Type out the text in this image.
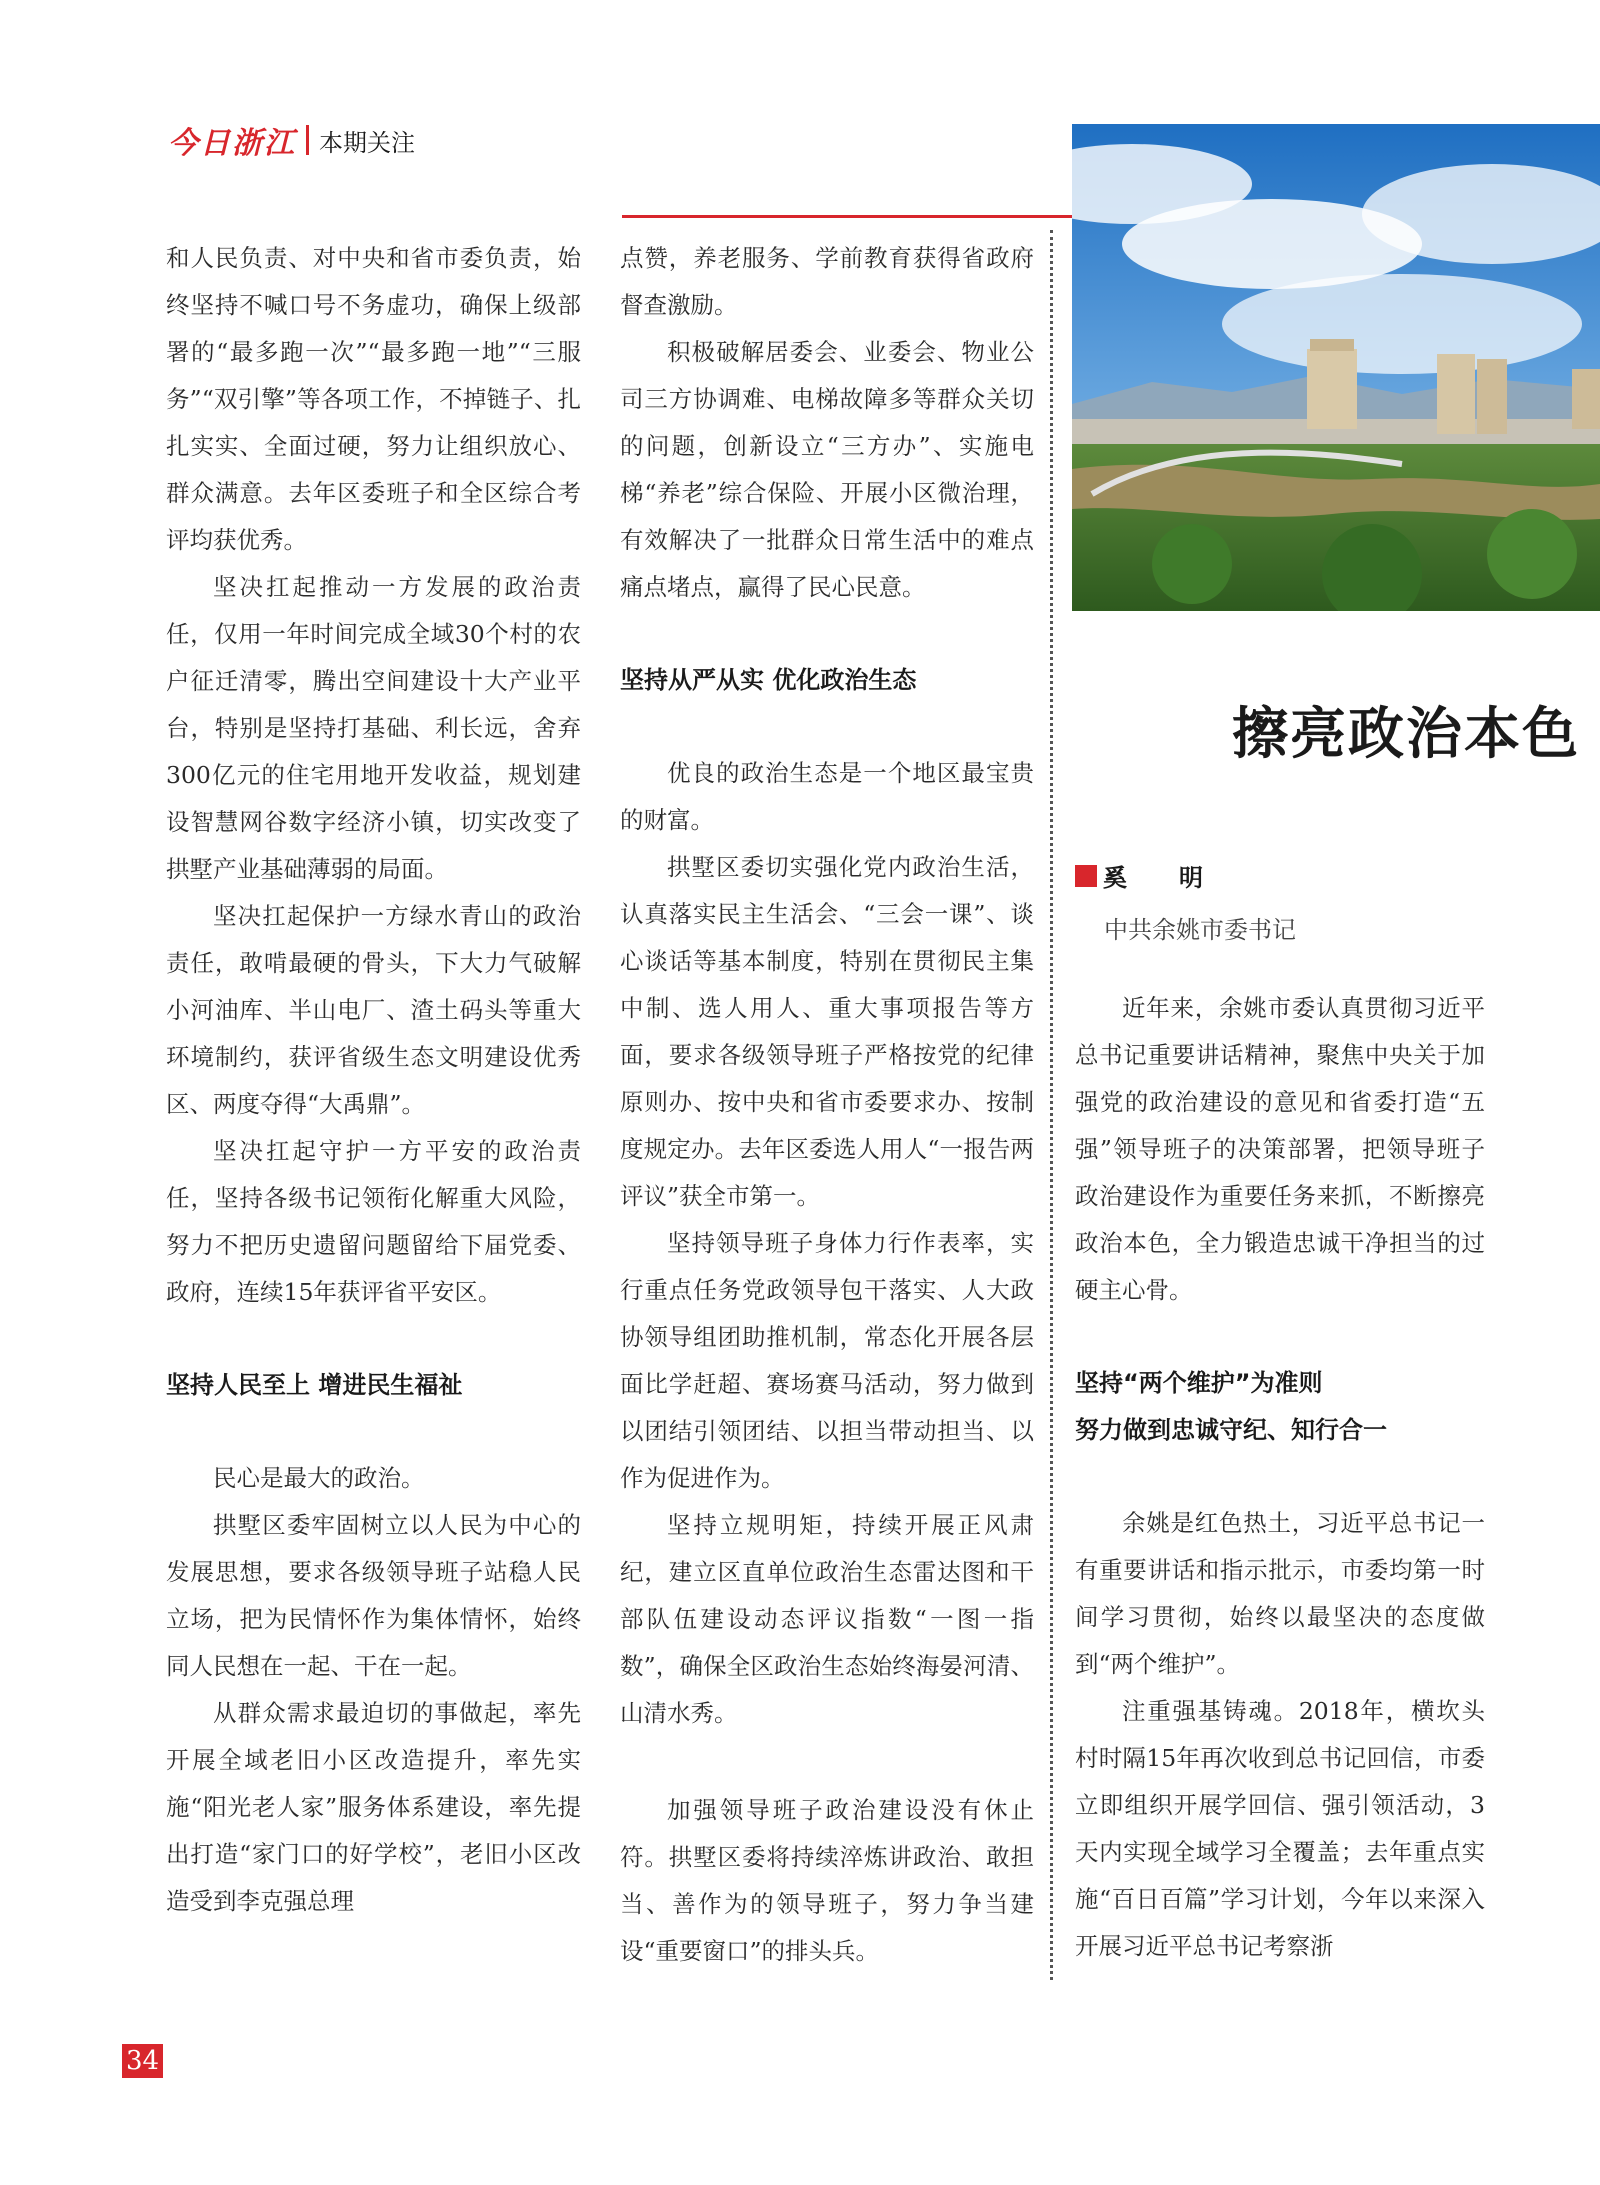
今日浙江 本期关注
擦亮政治本色
奚　明
中共余姚市委书记

和人民负责、对中央和省市委负责，始终坚持不喊口号不务虚功，确保上级部署的“最多跑一次”“最多跑一地”“三服务”“双引擎”等各项工作，不掉链子、扎扎实实、全面过硬，努力让组织放心、群众满意。去年区委班子和全区综合考评均获优秀。

坚决扛起推动一方发展的政治责任，仅用一年时间完成全域30个村的农户征迁清零，腾出空间建设十大产业平台，特别是坚持打基础、利长远，舍弃300亿元的住宅用地开发收益，规划建设智慧网谷数字经济小镇，切实改变了拱墅产业基础薄弱的局面。

坚决扛起保护一方绿水青山的政治责任，敢啃最硬的骨头，下大力气破解小河油库、半山电厂、渣土码头等重大环境制约，获评省级生态文明建设优秀区、两度夺得“大禹鼎”。

坚决扛起守护一方平安的政治责任，坚持各级书记领衔化解重大风险，努力不把历史遗留问题留给下届党委、政府，连续15年获评省平安区。

坚持人民至上 增进民生福祉

民心是最大的政治。

拱墅区委牢固树立以人民为中心的发展思想，要求各级领导班子站稳人民立场，把为民情怀作为集体情怀，始终同人民想在一起、干在一起。

从群众需求最迫切的事做起，率先开展全域老旧小区改造提升，率先实施“阳光老人家”服务体系建设，率先提出打造“家门口的好学校”，老旧小区改造受到李克强总理

点赞，养老服务、学前教育获得省政府督查激励。

积极破解居委会、业委会、物业公司三方协调难、电梯故障多等群众关切的问题，创新设立“三方办”、实施电梯“养老”综合保险、开展小区微治理，有效解决了一批群众日常生活中的难点痛点堵点，赢得了民心民意。

坚持从严从实 优化政治生态

优良的政治生态是一个地区最宝贵的财富。

拱墅区委切实强化党内政治生活，认真落实民主生活会、“三会一课”、谈心谈话等基本制度，特别在贯彻民主集中制、选人用人、重大事项报告等方面，要求各级领导班子严格按党的纪律原则办、按中央和省市委要求办、按制度规定办。去年区委选人用人“一报告两评议”获全市第一。

坚持领导班子身体力行作表率，实行重点任务党政领导包干落实、人大政协领导组团助推机制，常态化开展各层面比学赶超、赛场赛马活动，努力做到以团结引领团结、以担当带动担当、以作为促进作为。

坚持立规明矩，持续开展正风肃纪，建立区直单位政治生态雷达图和干部队伍建设动态评议指数“一图一指数”，确保全区政治生态始终海晏河清、山清水秀。

加强领导班子政治建设没有休止符。拱墅区委将持续淬炼讲政治、敢担当、善作为的领导班子，努力争当建设“重要窗口”的排头兵。

近年来，余姚市委认真贯彻习近平总书记重要讲话精神，聚焦中央关于加强党的政治建设的意见和省委打造“五强”领导班子的决策部署，把领导班子政治建设作为重要任务来抓，不断擦亮政治本色，全力锻造忠诚干净担当的过硬主心骨。

坚持“两个维护”为准则
努力做到忠诚守纪、知行合一

余姚是红色热土，习近平总书记一有重要讲话和指示批示，市委均第一时间学习贯彻，始终以最坚决的态度做到“两个维护”。

注重强基铸魂。2018年，横坎头村时隔15年再次收到总书记回信，市委立即组织开展学回信、强引领活动，3天内实现全域学习全覆盖；去年重点实施“百日百篇”学习计划，今年以来深入开展习近平总书记考察浙

34
